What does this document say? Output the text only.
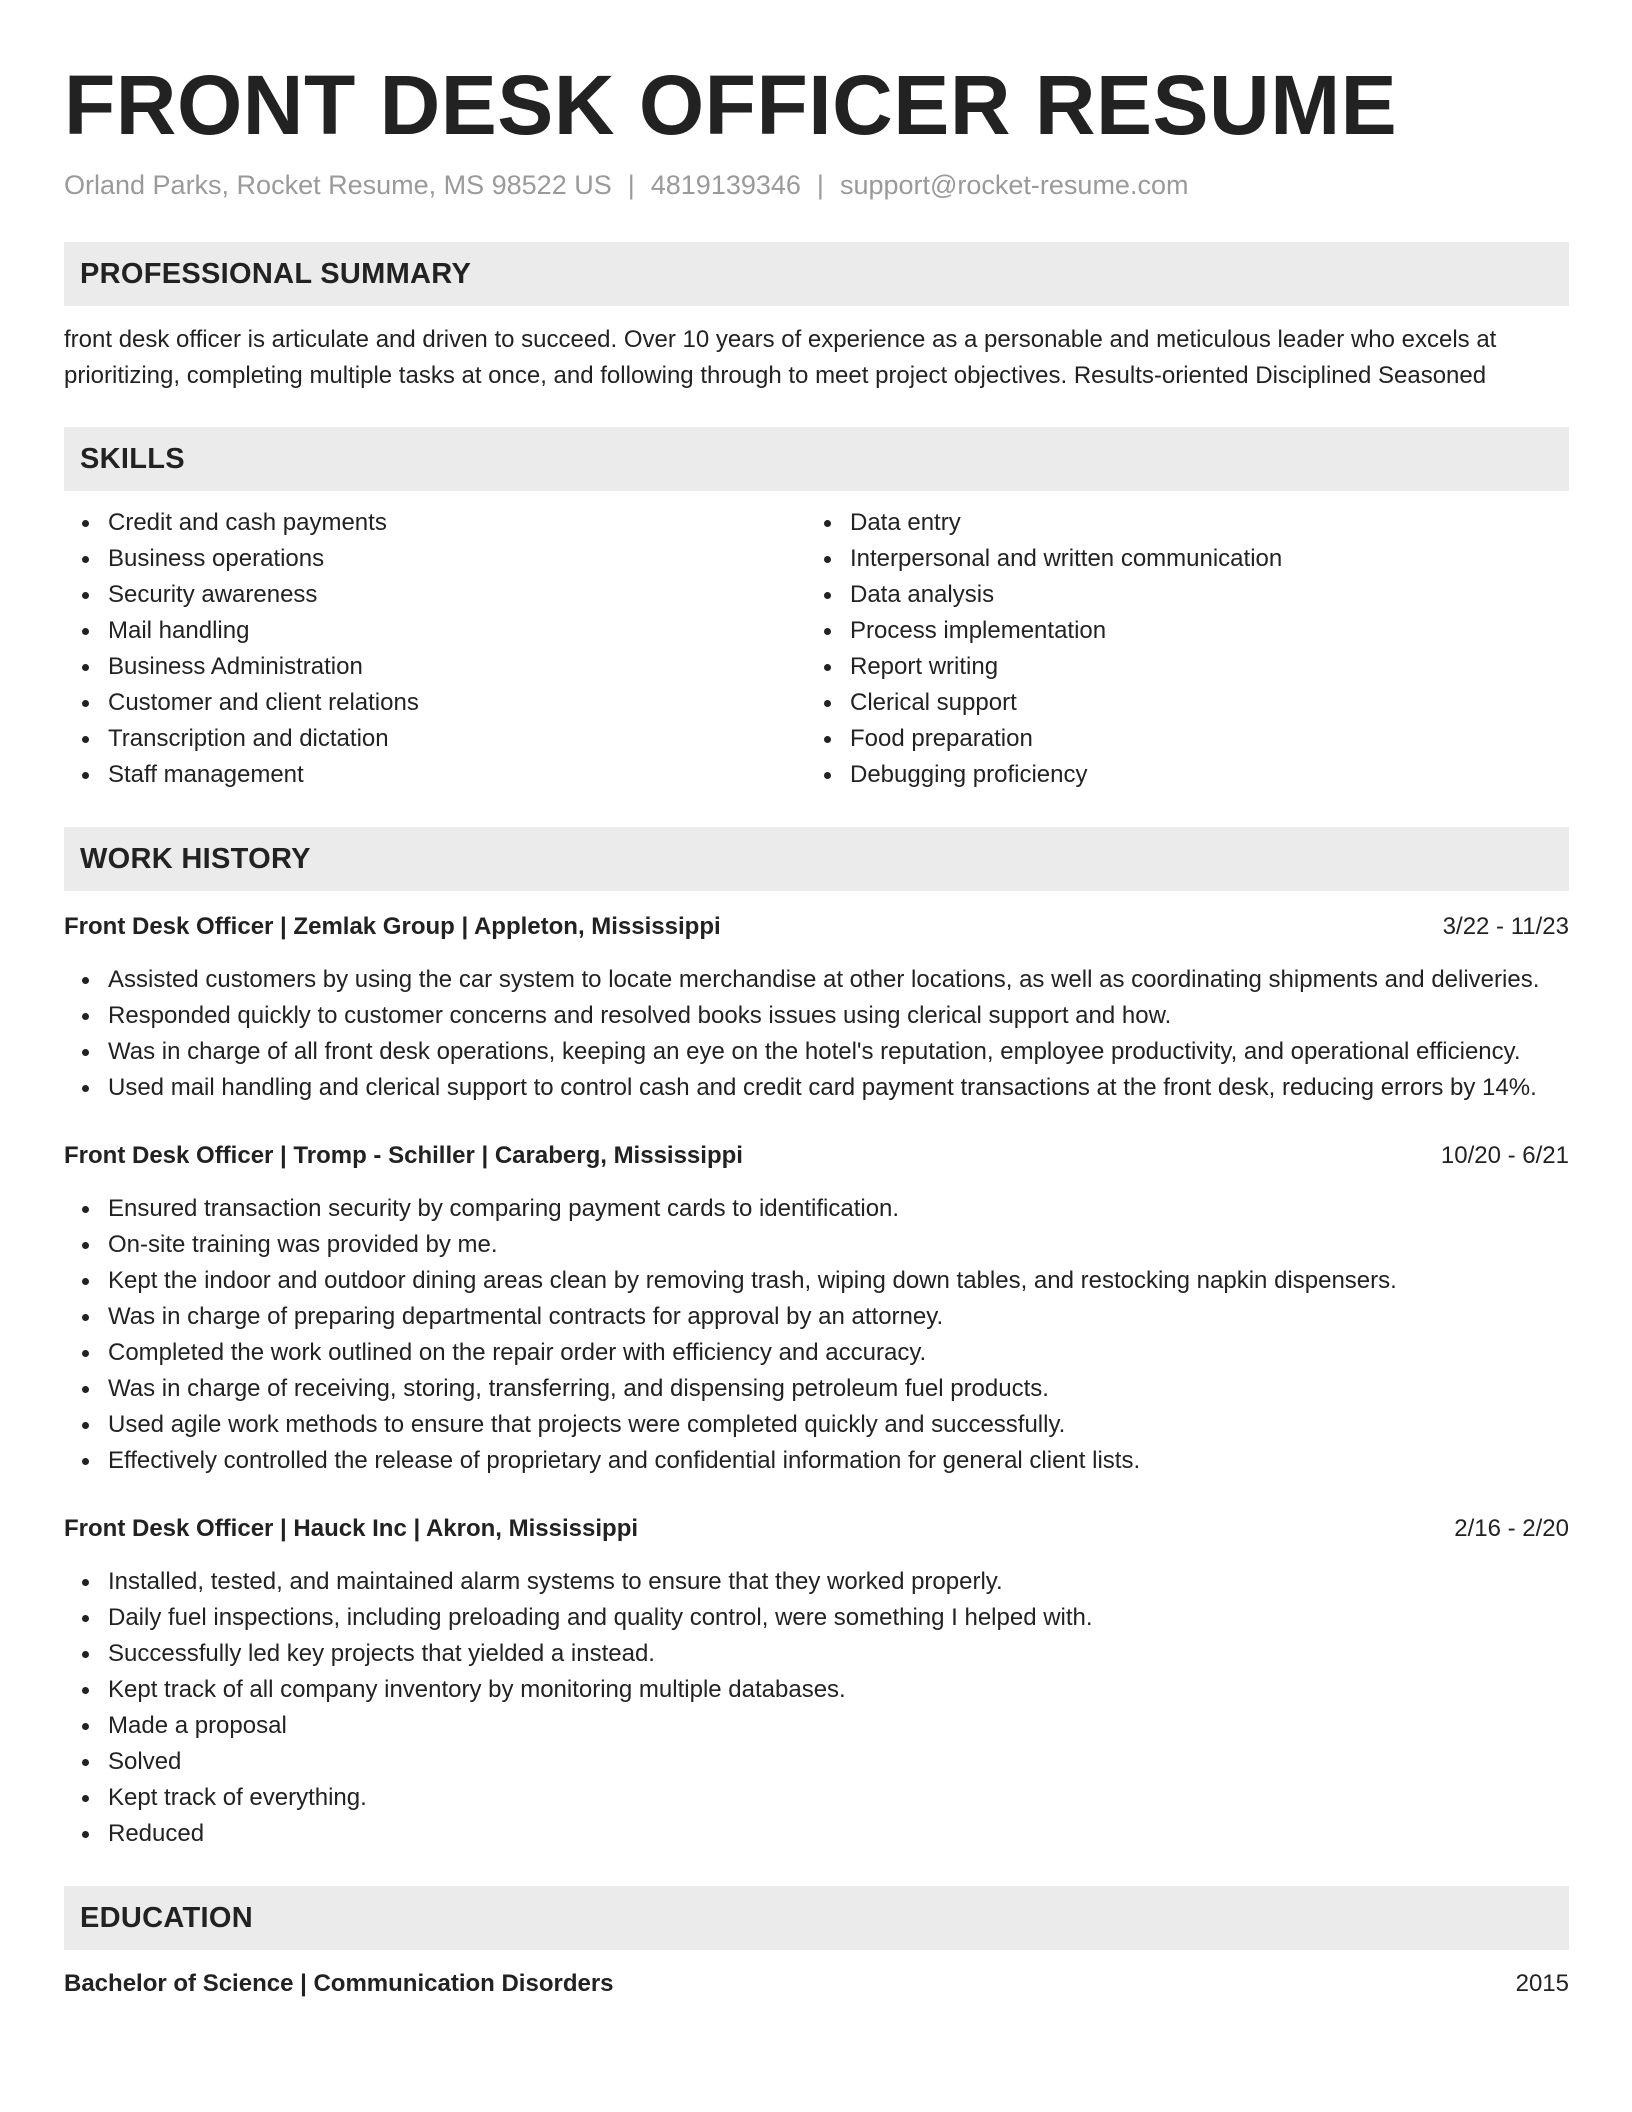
FRONT DESK OFFICER RESUME
Orland Parks, Rocket Resume, MS 98522 US | 4819139346 | support@rocket-resume.com
PROFESSIONAL SUMMARY

front desk officer is articulate and driven to succeed. Over 10 years of experience as a personable and meticulous leader who excels at prioritizing, completing multiple tasks at once, and following through to meet project objectives. Results-oriented Disciplined Seasoned

SKILLS
Credit and cash payments
Business operations
Security awareness
Mail handling
Business Administration
Customer and client relations
Transcription and dictation
Staff management
Data entry
Interpersonal and written communication
Data analysis
Process implementation
Report writing
Clerical support
Food preparation
Debugging proficiency
WORK HISTORY
Front Desk Officer | Zemlak Group | Appleton, Mississippi	3/22 - 11/23
Assisted customers by using the car system to locate merchandise at other locations, as well as coordinating shipments and deliveries.
Responded quickly to customer concerns and resolved books issues using clerical support and how.
Was in charge of all front desk operations, keeping an eye on the hotel's reputation, employee productivity, and operational efficiency.
Used mail handling and clerical support to control cash and credit card payment transactions at the front desk, reducing errors by 14%.
Front Desk Officer | Tromp - Schiller | Caraberg, Mississippi	10/20 - 6/21
Ensured transaction security by comparing payment cards to identification.
On-site training was provided by me.
Kept the indoor and outdoor dining areas clean by removing trash, wiping down tables, and restocking napkin dispensers.
Was in charge of preparing departmental contracts for approval by an attorney.
Completed the work outlined on the repair order with efficiency and accuracy.
Was in charge of receiving, storing, transferring, and dispensing petroleum fuel products.
Used agile work methods to ensure that projects were completed quickly and successfully.
Effectively controlled the release of proprietary and confidential information for general client lists.
Front Desk Officer | Hauck Inc | Akron, Mississippi	2/16 - 2/20
Installed, tested, and maintained alarm systems to ensure that they worked properly.
Daily fuel inspections, including preloading and quality control, were something I helped with.
Successfully led key projects that yielded a instead.
Kept track of all company inventory by monitoring multiple databases.
Made a proposal
Solved
Kept track of everything.
Reduced
EDUCATION
Bachelor of Science | Communication Disorders	2015
